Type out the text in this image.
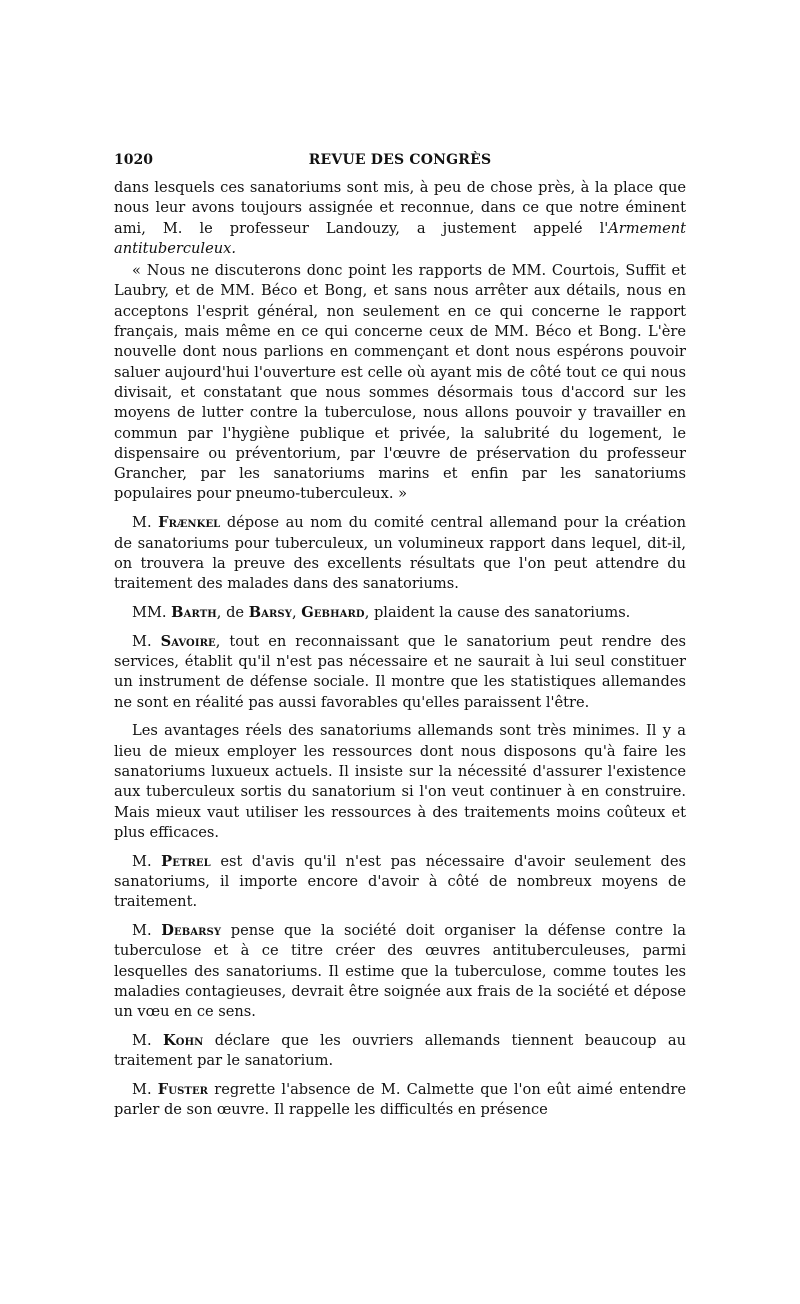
1020	REVUE DES CONGRÈS

dans lesquels ces sanatoriums sont mis, à peu de chose près, à la place que nous leur avons toujours assignée et reconnue, dans ce que notre éminent ami, M. le professeur Landouzy, a justement appelé l'Armement antituberculeux.

« Nous ne discuterons donc point les rapports de MM. Courtois, Suffit et Laubry, et de MM. Béco et Bong, et sans nous arrêter aux détails, nous en acceptons l'esprit général, non seulement en ce qui concerne le rapport français, mais même en ce qui concerne ceux de MM. Béco et Bong. L'ère nouvelle dont nous parlions en commençant et dont nous espérons pouvoir saluer aujourd'hui l'ouverture est celle où ayant mis de côté tout ce qui nous divisait, et constatant que nous sommes désormais tous d'accord sur les moyens de lutter contre la tuberculose, nous allons pouvoir y travailler en commun par l'hygiène publique et privée, la salubrité du logement, le dispensaire ou préventorium, par l'œuvre de préservation du professeur Grancher, par les sanatoriums marins et enfin par les sanatoriums populaires pour pneumo-tuberculeux. »

M. Frænkel dépose au nom du comité central allemand pour la création de sanatoriums pour tuberculeux, un volumineux rapport dans lequel, dit-il, on trouvera la preuve des excellents résultats que l'on peut attendre du traitement des malades dans des sanatoriums.

MM. Barth, de Barsy, Gebhard, plaident la cause des sanatoriums.

M. Savoire, tout en reconnaissant que le sanatorium peut rendre des services, établit qu'il n'est pas nécessaire et ne saurait à lui seul constituer un instrument de défense sociale. Il montre que les statistiques allemandes ne sont en réalité pas aussi favorables qu'elles paraissent l'être.

Les avantages réels des sanatoriums allemands sont très minimes. Il y a lieu de mieux employer les ressources dont nous disposons qu'à faire les sanatoriums luxueux actuels. Il insiste sur la nécessité d'assurer l'existence aux tuberculeux sortis du sanatorium si l'on veut continuer à en construire. Mais mieux vaut utiliser les ressources à des traitements moins coûteux et plus efficaces.

M. Petrel est d'avis qu'il n'est pas nécessaire d'avoir seulement des sanatoriums, il importe encore d'avoir à côté de nombreux moyens de traitement.

M. Debarsy pense que la société doit organiser la défense contre la tuberculose et à ce titre créer des œuvres antituberculeuses, parmi lesquelles des sanatoriums. Il estime que la tuberculose, comme toutes les maladies contagieuses, devrait être soignée aux frais de la société et dépose un vœu en ce sens.

M. Kohn déclare que les ouvriers allemands tiennent beaucoup au traitement par le sanatorium.

M. Fuster regrette l'absence de M. Calmette que l'on eût aimé entendre parler de son œuvre. Il rappelle les difficultés en présence
